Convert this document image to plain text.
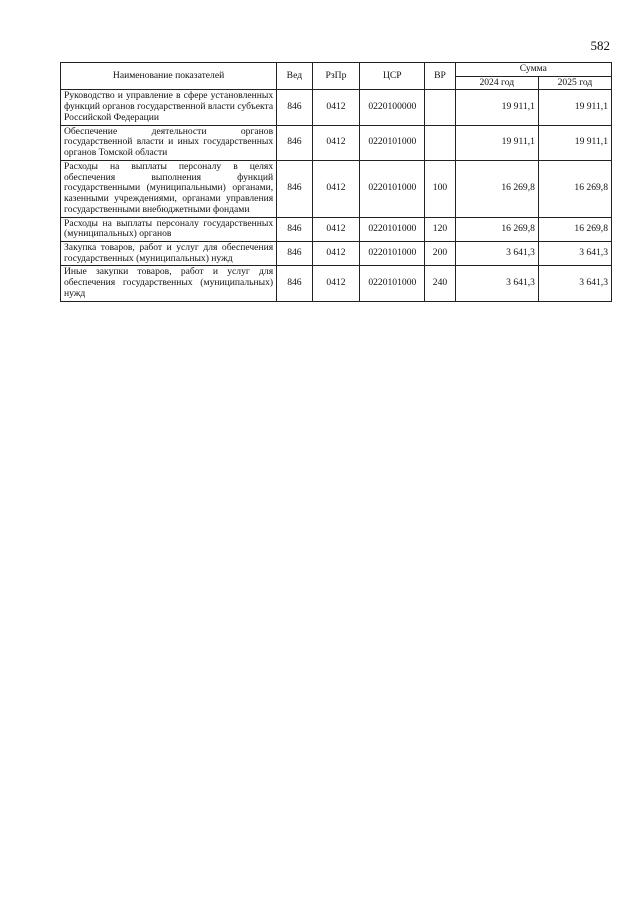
582
Наименование показателей	Вед	РзПр	ЦСР	ВР	Сумма	
					2024 год	2025 год
Руководство и управление в сфере установленных функций органов государственной власти субъекта Российской Федерации	846	0412	0220100000		19 911,1	19 911,1
Обеспечение деятельности органов государственной власти и иных государственных органов Томской области	846	0412	0220101000		19 911,1	19 911,1
Расходы на выплаты персоналу в целях обеспечения выполнения функций государственными (муниципальными) органами, казенными учреждениями, органами управления государственными внебюджетными фондами	846	0412	0220101000	100	16 269,8	16 269,8
Расходы на выплаты персоналу государственных (муниципальных) органов	846	0412	0220101000	120	16 269,8	16 269,8
Закупка товаров, работ и услуг для обеспечения государственных (муниципальных) нужд	846	0412	0220101000	200	3 641,3	3 641,3
Иные закупки товаров, работ и услуг для обеспечения государственных (муниципальных) нужд	846	0412	0220101000	240	3 641,3	3 641,3
